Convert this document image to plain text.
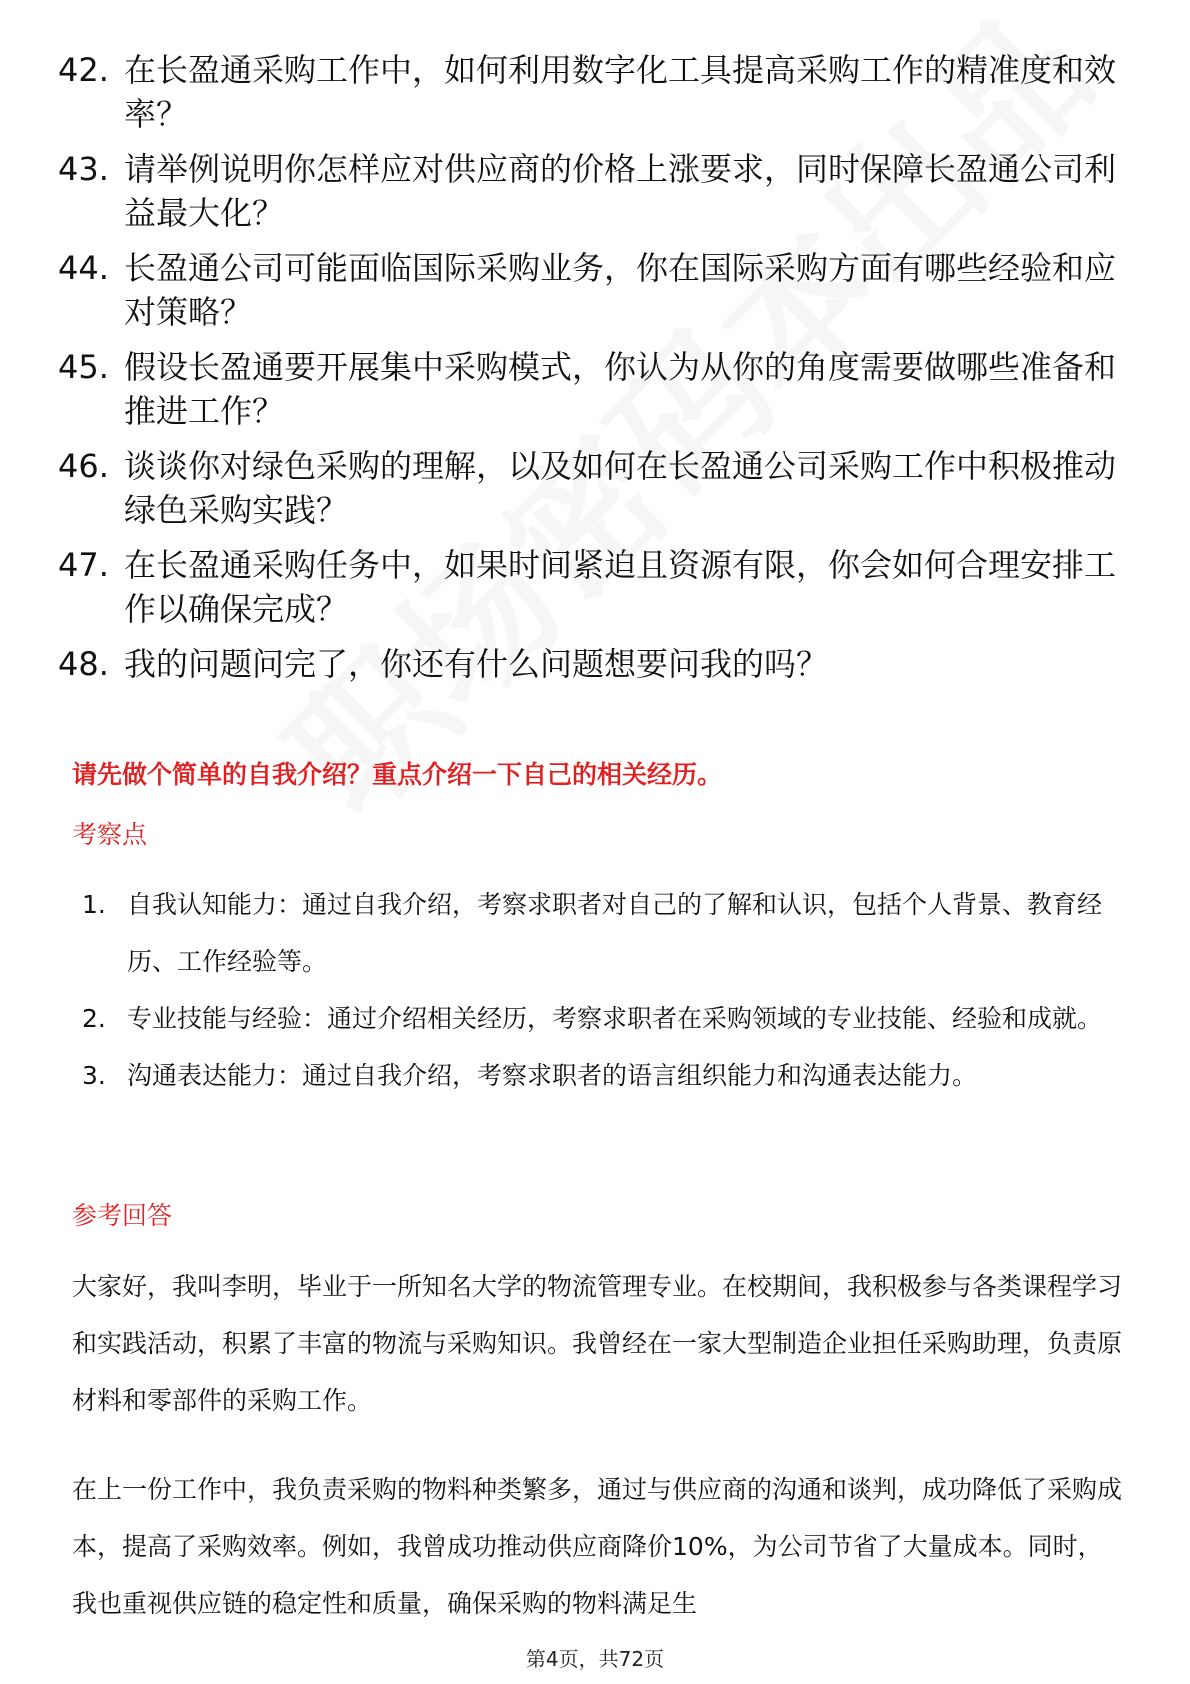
42. 在长盈通采购工作中，如何利用数字化工具提高采购工作的精准度和效率？
43. 请举例说明你怎样应对供应商的价格上涨要求，同时保障长盈通公司利益最大化？
44. 长盈通公司可能面临国际采购业务，你在国际采购方面有哪些经验和应对策略？
45. 假设长盈通要开展集中采购模式，你认为从你的角度需要做哪些准备和推进工作？
46. 谈谈你对绿色采购的理解，以及如何在长盈通公司采购工作中积极推动绿色采购实践？
47. 在长盈通采购任务中，如果时间紧迫且资源有限，你会如何合理安排工作以确保完成？
48. 我的问题问完了，你还有什么问题想要问我的吗？
请先做个简单的自我介绍？重点介绍一下自己的相关经历。
考察点
1. 自我认知能力：通过自我介绍，考察求职者对自己的了解和认识，包括个人背景、教育经历、工作经验等。
2. 专业技能与经验：通过介绍相关经历，考察求职者在采购领域的专业技能、经验和成就。
3. 沟通表达能力：通过自我介绍，考察求职者的语言组织能力和沟通表达能力。
参考回答

大家好，我叫李明，毕业于一所知名大学的物流管理专业。在校期间，我积极参与各类课程学习和实践活动，积累了丰富的物流与采购知识。我曾经在一家大型制造企业担任采购助理，负责原材料和零部件的采购工作。

在上一份工作中，我负责采购的物料种类繁多，通过与供应商的沟通和谈判，成功降低了采购成本，提高了采购效率。例如，我曾成功推动供应商降价10%，为公司节省了大量成本。同时，我也重视供应链的稳定性和质量，确保采购的物料满足生

第4页，共72页
